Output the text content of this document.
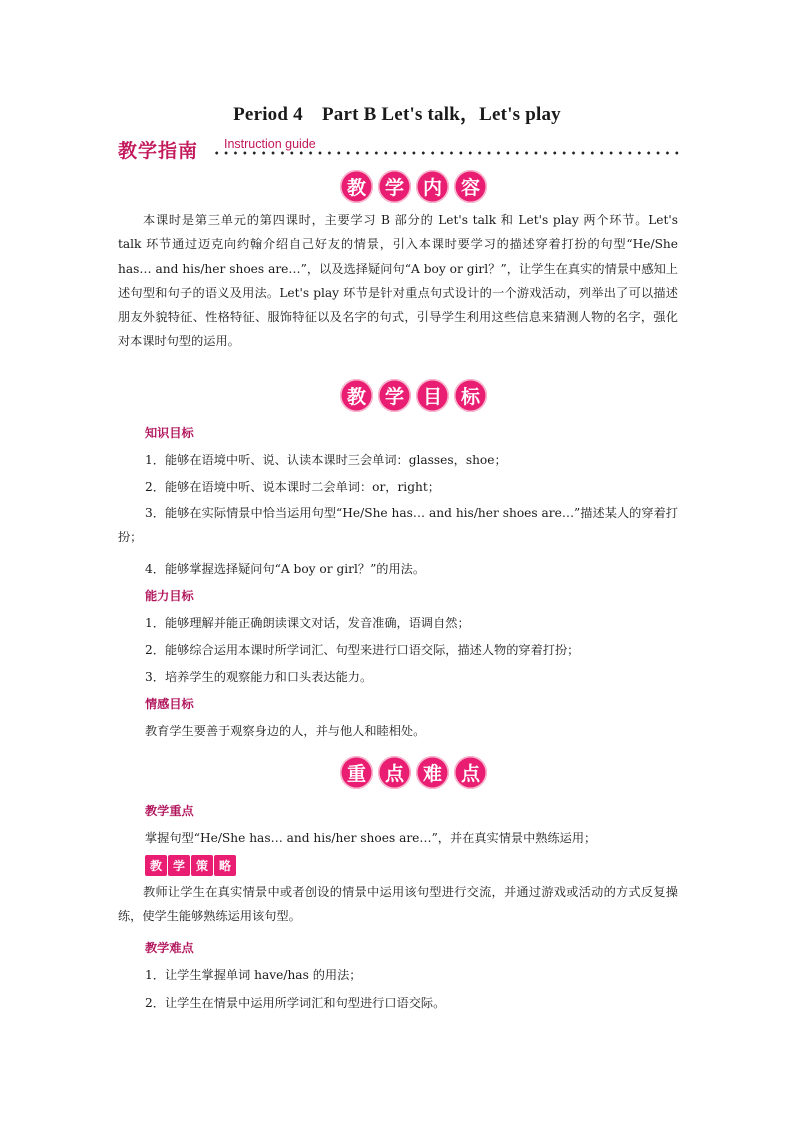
Period 4　Part B Let's talk，Let's play
教学指南 Instruction guide
教 学 内 容
本课时是第三单元的第四课时，主要学习 B 部分的 Let's talk 和 Let's play 两个环节。Let's talk 环节通过迈克向约翰介绍自己好友的情景，引入本课时要学习的描述穿着打扮的句型“He/She has… and his/her shoes are…”，以及选择疑问句“A boy or girl？”，让学生在真实的情景中感知上述句型和句子的语义及用法。Let's play 环节是针对重点句式设计的一个游戏活动，列举出了可以描述朋友外貌特征、性格特征、服饰特征以及名字的句式，引导学生利用这些信息来猜测人物的名字，强化对本课时句型的运用。
教 学 目 标
知识目标
1．能够在语境中听、说、认读本课时三会单词：glasses，shoe；
2．能够在语境中听、说本课时二会单词：or，right；
3．能够在实际情景中恰当运用句型“He/She has… and his/her shoes are…”描述某人的穿着打扮；
4．能够掌握选择疑问句“A boy or girl？”的用法。
能力目标
1．能够理解并能正确朗读课文对话，发音准确，语调自然；
2．能够综合运用本课时所学词汇、句型来进行口语交际，描述人物的穿着打扮；
3．培养学生的观察能力和口头表达能力。
情感目标
教育学生要善于观察身边的人，并与他人和睦相处。
重 点 难 点
教学重点
掌握句型“He/She has… and his/her shoes are…”，并在真实情景中熟练运用；
教 学 策 略
教师让学生在真实情景中或者创设的情景中运用该句型进行交流，并通过游戏或活动的方式反复操练，使学生能够熟练运用该句型。
教学难点
1．让学生掌握单词 have/has 的用法；
2．让学生在情景中运用所学词汇和句型进行口语交际。
